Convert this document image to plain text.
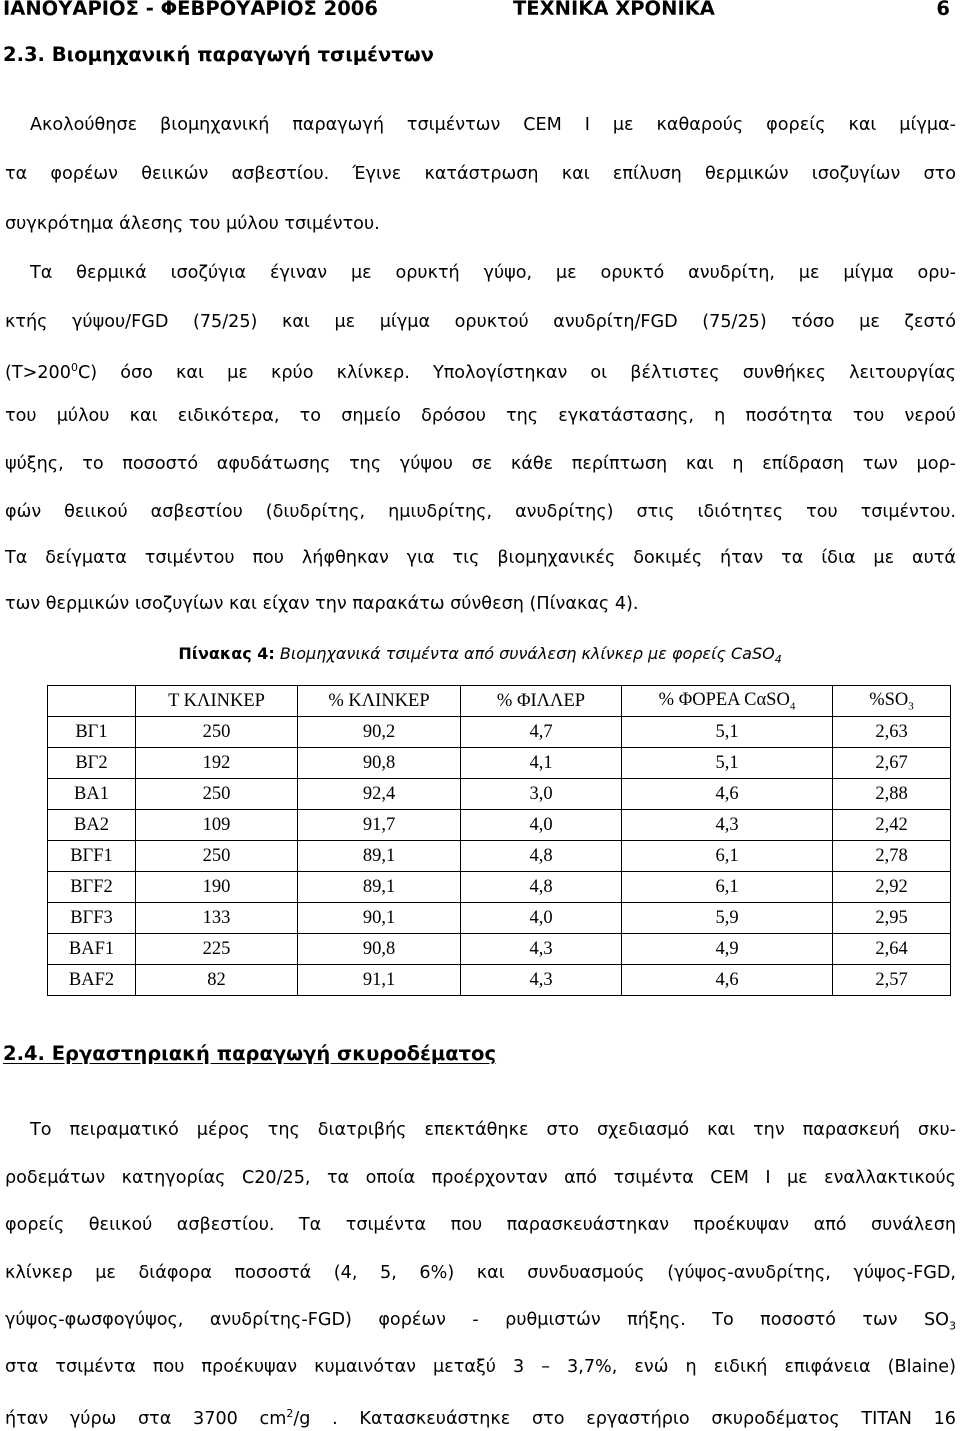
ΙΑΝΟΥΑΡΙΟΣ - ΦΕΒΡΟΥΑΡΙΟΣ 2006	ΤΕΧΝΙΚΑ ΧΡΟΝΙΚΑ	6
2.3. Βιομηχανική παραγωγή τσιμέντων
Ακολούθησε βιομηχανική παραγωγή τσιμέντων CEM I με καθαρούς φορείς και μίγμα-
τα φορέων θειικών ασβεστίου. Έγινε κατάστρωση και επίλυση θερμικών ισοζυγίων στο
συγκρότημα άλεσης του μύλου τσιμέντου.
Τα θερμικά ισοζύγια έγιναν με ορυκτή γύψο, με ορυκτό ανυδρίτη, με μίγμα ορυ-
κτής γύψου/FGD (75/25) και με μίγμα ορυκτού ανυδρίτη/FGD (75/25) τόσο με ζεστό
$(T>200^0C)$ όσο και με κρύο κλίνκερ. Υπολογίστηκαν οι βέλτιστες συνθήκες λειτουργίας
του μύλου και ειδικότερα, το σημείο δρόσου της εγκατάστασης, η ποσότητα του νερού
ψύξης, το ποσοστό αφυδάτωσης της γύψου σε κάθε περίπτωση και η επίδραση των μορ-
φών θειικού ασβεστίου (διυδρίτης, ημιυδρίτης, ανυδρίτης) στις ιδιότητες του τσιμέντου.
Τα δείγματα τσιμέντου που λήφθηκαν για τις βιομηχανικές δοκιμές ήταν τα ίδια με αυτά
των θερμικών ισοζυγίων και είχαν την παρακάτω σύνθεση (Πίνακας 4).
Πίνακας 4: Βιομηχανικά τσιμέντα από συνάλεση κλίνκερ με φορείς CaSO$_4$
	Τ ΚΛΙΝΚΕΡ	% ΚΛΙΝΚΕΡ	% ΦΙΛΛΕΡ	% ΦΟΡΕΑ CαSO$_4$	$\%SO_3$
ΒΓ1	250	90,2	4,7	5,1	2,63
ΒΓ2	192	90,8	4,1	5,1	2,67
ΒΑ1	250	92,4	3,0	4,6	2,88
ΒΑ2	109	91,7	4,0	4,3	2,42
ΒΓF1	250	89,1	4,8	6,1	2,78
ΒΓF2	190	89,1	4,8	6,1	2,92
ΒΓF3	133	90,1	4,0	5,9	2,95
ΒΑF1	225	90,8	4,3	4,9	2,64
ΒΑF2	82	91,1	4,3	4,6	2,57
2.4. Εργαστηριακή παραγωγή σκυροδέματος
Το πειραματικό μέρος της διατριβής επεκτάθηκε στο σχεδιασμό και την παρασκευή σκυ-
ροδεμάτων κατηγορίας C20/25, τα οποία προέρχονταν από τσιμέντα CEM I με εναλλακτικούς
φορείς θειικού ασβεστίου. Τα τσιμέντα που παρασκευάστηκαν προέκυψαν από συνάλεση
κλίνκερ με διάφορα ποσοστά (4, 5, 6%) και συνδυασμούς (γύψος-ανυδρίτης, γύψος-FGD,
γύψος-φωσφογύψος, ανυδρίτης-FGD) φορέων - ρυθμιστών πήξης. Το ποσοστό των $SO_3$
στα τσιμέντα που προέκυψαν κυμαινόταν μεταξύ 3 – 3,7%, ενώ η ειδική επιφάνεια (Blaine)
ήταν γύρω στα 3700 $cm^2/g$ . Κατασκευάστηκε στο εργαστήριο σκυροδέματος TITAN 16
